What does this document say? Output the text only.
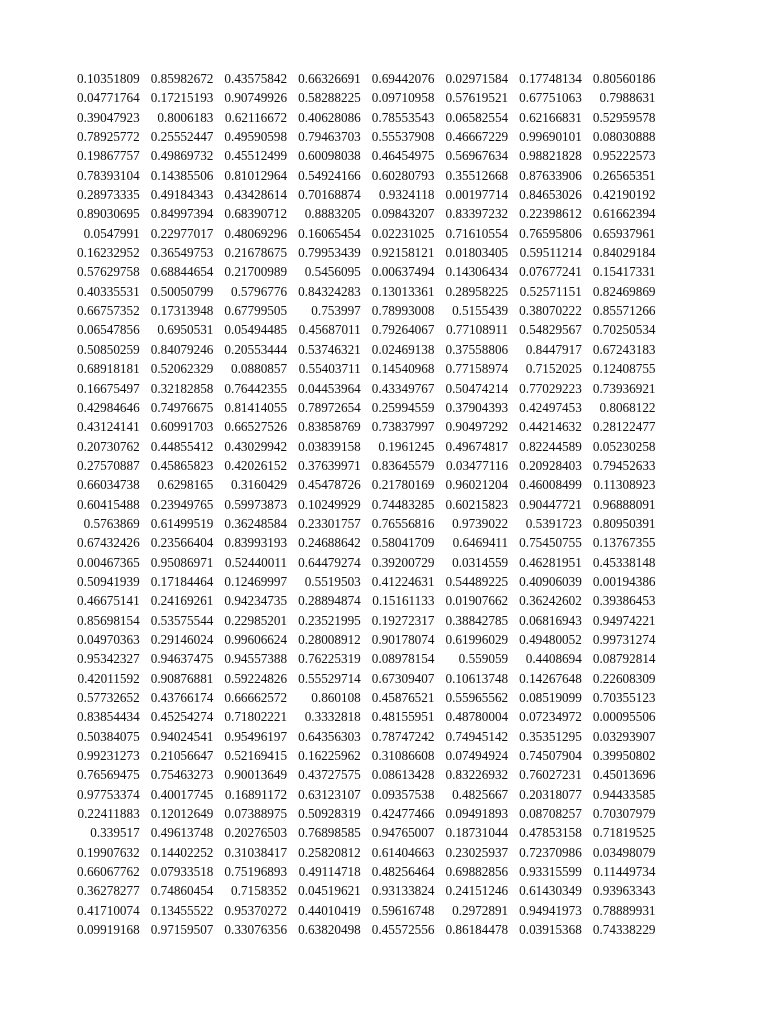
0.10351809	0.85982672	0.43575842	0.66326691	0.69442076	0.02971584	0.17748134	0.80560186
0.04771764	0.17215193	0.90749926	0.58288225	0.09710958	0.57619521	0.67751063	0.7988631
0.39047923	0.8006183	0.62116672	0.40628086	0.78553543	0.06582554	0.62166831	0.52959578
0.78925772	0.25552447	0.49590598	0.79463703	0.55537908	0.46667229	0.99690101	0.08030888
0.19867757	0.49869732	0.45512499	0.60098038	0.46454975	0.56967634	0.98821828	0.95222573
0.78393104	0.14385506	0.81012964	0.54924166	0.60280793	0.35512668	0.87633906	0.26565351
0.28973335	0.49184343	0.43428614	0.70168874	0.9324118	0.00197714	0.84653026	0.42190192
0.89030695	0.84997394	0.68390712	0.8883205	0.09843207	0.83397232	0.22398612	0.61662394
0.0547991	0.22977017	0.48069296	0.16065454	0.02231025	0.71610554	0.76595806	0.65937961
0.16232952	0.36549753	0.21678675	0.79953439	0.92158121	0.01803405	0.59511214	0.84029184
0.57629758	0.68844654	0.21700989	0.5456095	0.00637494	0.14306434	0.07677241	0.15417331
0.40335531	0.50050799	0.5796776	0.84324283	0.13013361	0.28958225	0.52571151	0.82469869
0.66757352	0.17313948	0.67799505	0.753997	0.78993008	0.5155439	0.38070222	0.85571266
0.06547856	0.6950531	0.05494485	0.45687011	0.79264067	0.77108911	0.54829567	0.70250534
0.50850259	0.84079246	0.20553444	0.53746321	0.02469138	0.37558806	0.8447917	0.67243183
0.68918181	0.52062329	0.0880857	0.55403711	0.14540968	0.77158974	0.7152025	0.12408755
0.16675497	0.32182858	0.76442355	0.04453964	0.43349767	0.50474214	0.77029223	0.73936921
0.42984646	0.74976675	0.81414055	0.78972654	0.25994559	0.37904393	0.42497453	0.8068122
0.43124141	0.60991703	0.66527526	0.83858769	0.73837997	0.90497292	0.44214632	0.28122477
0.20730762	0.44855412	0.43029942	0.03839158	0.1961245	0.49674817	0.82244589	0.05230258
0.27570887	0.45865823	0.42026152	0.37639971	0.83645579	0.03477116	0.20928403	0.79452633
0.66034738	0.6298165	0.3160429	0.45478726	0.21780169	0.96021204	0.46008499	0.11308923
0.60415488	0.23949765	0.59973873	0.10249929	0.74483285	0.60215823	0.90447721	0.96888091
0.5763869	0.61499519	0.36248584	0.23301757	0.76556816	0.9739022	0.5391723	0.80950391
0.67432426	0.23566404	0.83993193	0.24688642	0.58041709	0.6469411	0.75450755	0.13767355
0.00467365	0.95086971	0.52440011	0.64479274	0.39200729	0.0314559	0.46281951	0.45338148
0.50941939	0.17184464	0.12469997	0.5519503	0.41224631	0.54489225	0.40906039	0.00194386
0.46675141	0.24169261	0.94234735	0.28894874	0.15161133	0.01907662	0.36242602	0.39386453
0.85698154	0.53575544	0.22985201	0.23521995	0.19272317	0.38842785	0.06816943	0.94974221
0.04970363	0.29146024	0.99606624	0.28008912	0.90178074	0.61996029	0.49480052	0.99731274
0.95342327	0.94637475	0.94557388	0.76225319	0.08978154	0.559059	0.4408694	0.08792814
0.42011592	0.90876881	0.59224826	0.55529714	0.67309407	0.10613748	0.14267648	0.22608309
0.57732652	0.43766174	0.66662572	0.860108	0.45876521	0.55965562	0.08519099	0.70355123
0.83854434	0.45254274	0.71802221	0.3332818	0.48155951	0.48780004	0.07234972	0.00095506
0.50384075	0.94024541	0.95496197	0.64356303	0.78747242	0.74945142	0.35351295	0.03293907
0.99231273	0.21056647	0.52169415	0.16225962	0.31086608	0.07494924	0.74507904	0.39950802
0.76569475	0.75463273	0.90013649	0.43727575	0.08613428	0.83226932	0.76027231	0.45013696
0.97753374	0.40017745	0.16891172	0.63123107	0.09357538	0.4825667	0.20318077	0.94433585
0.22411883	0.12012649	0.07388975	0.50928319	0.42477466	0.09491893	0.08708257	0.70307979
0.339517	0.49613748	0.20276503	0.76898585	0.94765007	0.18731044	0.47853158	0.71819525
0.19907632	0.14402252	0.31038417	0.25820812	0.61404663	0.23025937	0.72370986	0.03498079
0.66067762	0.07933518	0.75196893	0.49114718	0.48256464	0.69882856	0.93315599	0.11449734
0.36278277	0.74860454	0.7158352	0.04519621	0.93133824	0.24151246	0.61430349	0.93963343
0.41710074	0.13455522	0.95370272	0.44010419	0.59616748	0.2972891	0.94941973	0.78889931
0.09919168	0.97159507	0.33076356	0.63820498	0.45572556	0.86184478	0.03915368	0.74338229
